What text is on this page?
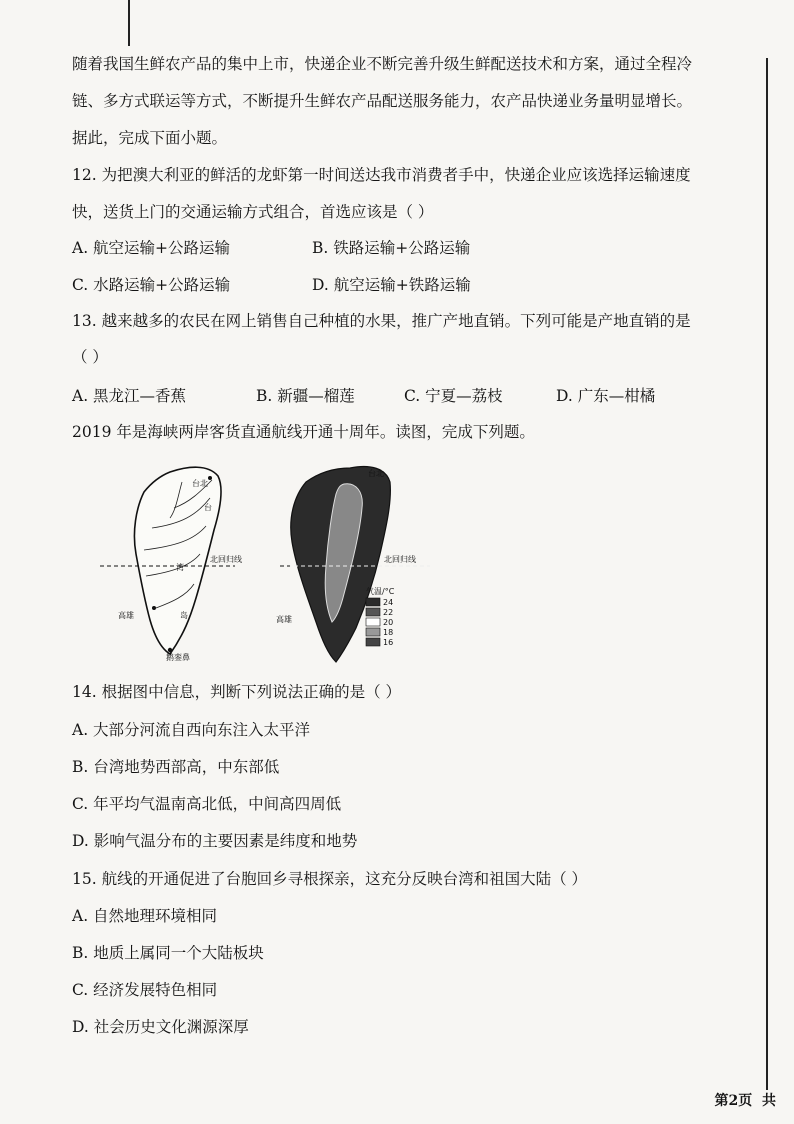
随着我国生鲜农产品的集中上市，快递企业不断完善升级生鲜配送技术和方案，通过全程冷
链、多方式联运等方式，不断提升生鲜农产品配送服务能力，农产品快递业务量明显增长。
据此，完成下面小题。
12. 为把澳大利亚的鲜活的龙虾第一时间送达我市消费者手中，快递企业应该选择运输速度
快，送货上门的交通运输方式组合，首选应该是（ ）
A. 航空运输+公路运输	B. 铁路运输+公路运输
C. 水路运输+公路运输	D. 航空运输+铁路运输
13. 越来越多的农民在网上销售自己种植的水果，推广产地直销。下列可能是产地直销的是
（ ）
A. 黑龙江—香蕉	B. 新疆—榴莲	C. 宁夏—荔枝	D. 广东—柑橘
2019 年是海峡两岸客货直通航线开通十周年。读图，完成下列题。
台北
台
湾
岛
北回归线
高雄
鹅銮鼻
台北
北回归线
高雄
气温/°C
24
22
20
18
16
14. 根据图中信息，判断下列说法正确的是（ ）
A. 大部分河流自西向东注入太平洋
B. 台湾地势西部高，中东部低
C. 年平均气温南高北低，中间高四周低
D. 影响气温分布的主要因素是纬度和地势
15. 航线的开通促进了台胞回乡寻根探亲，这充分反映台湾和祖国大陆（ ）
A. 自然地理环境相同
B. 地质上属同一个大陆板块
C. 经济发展特色相同
D. 社会历史文化渊源深厚
第2页 共
